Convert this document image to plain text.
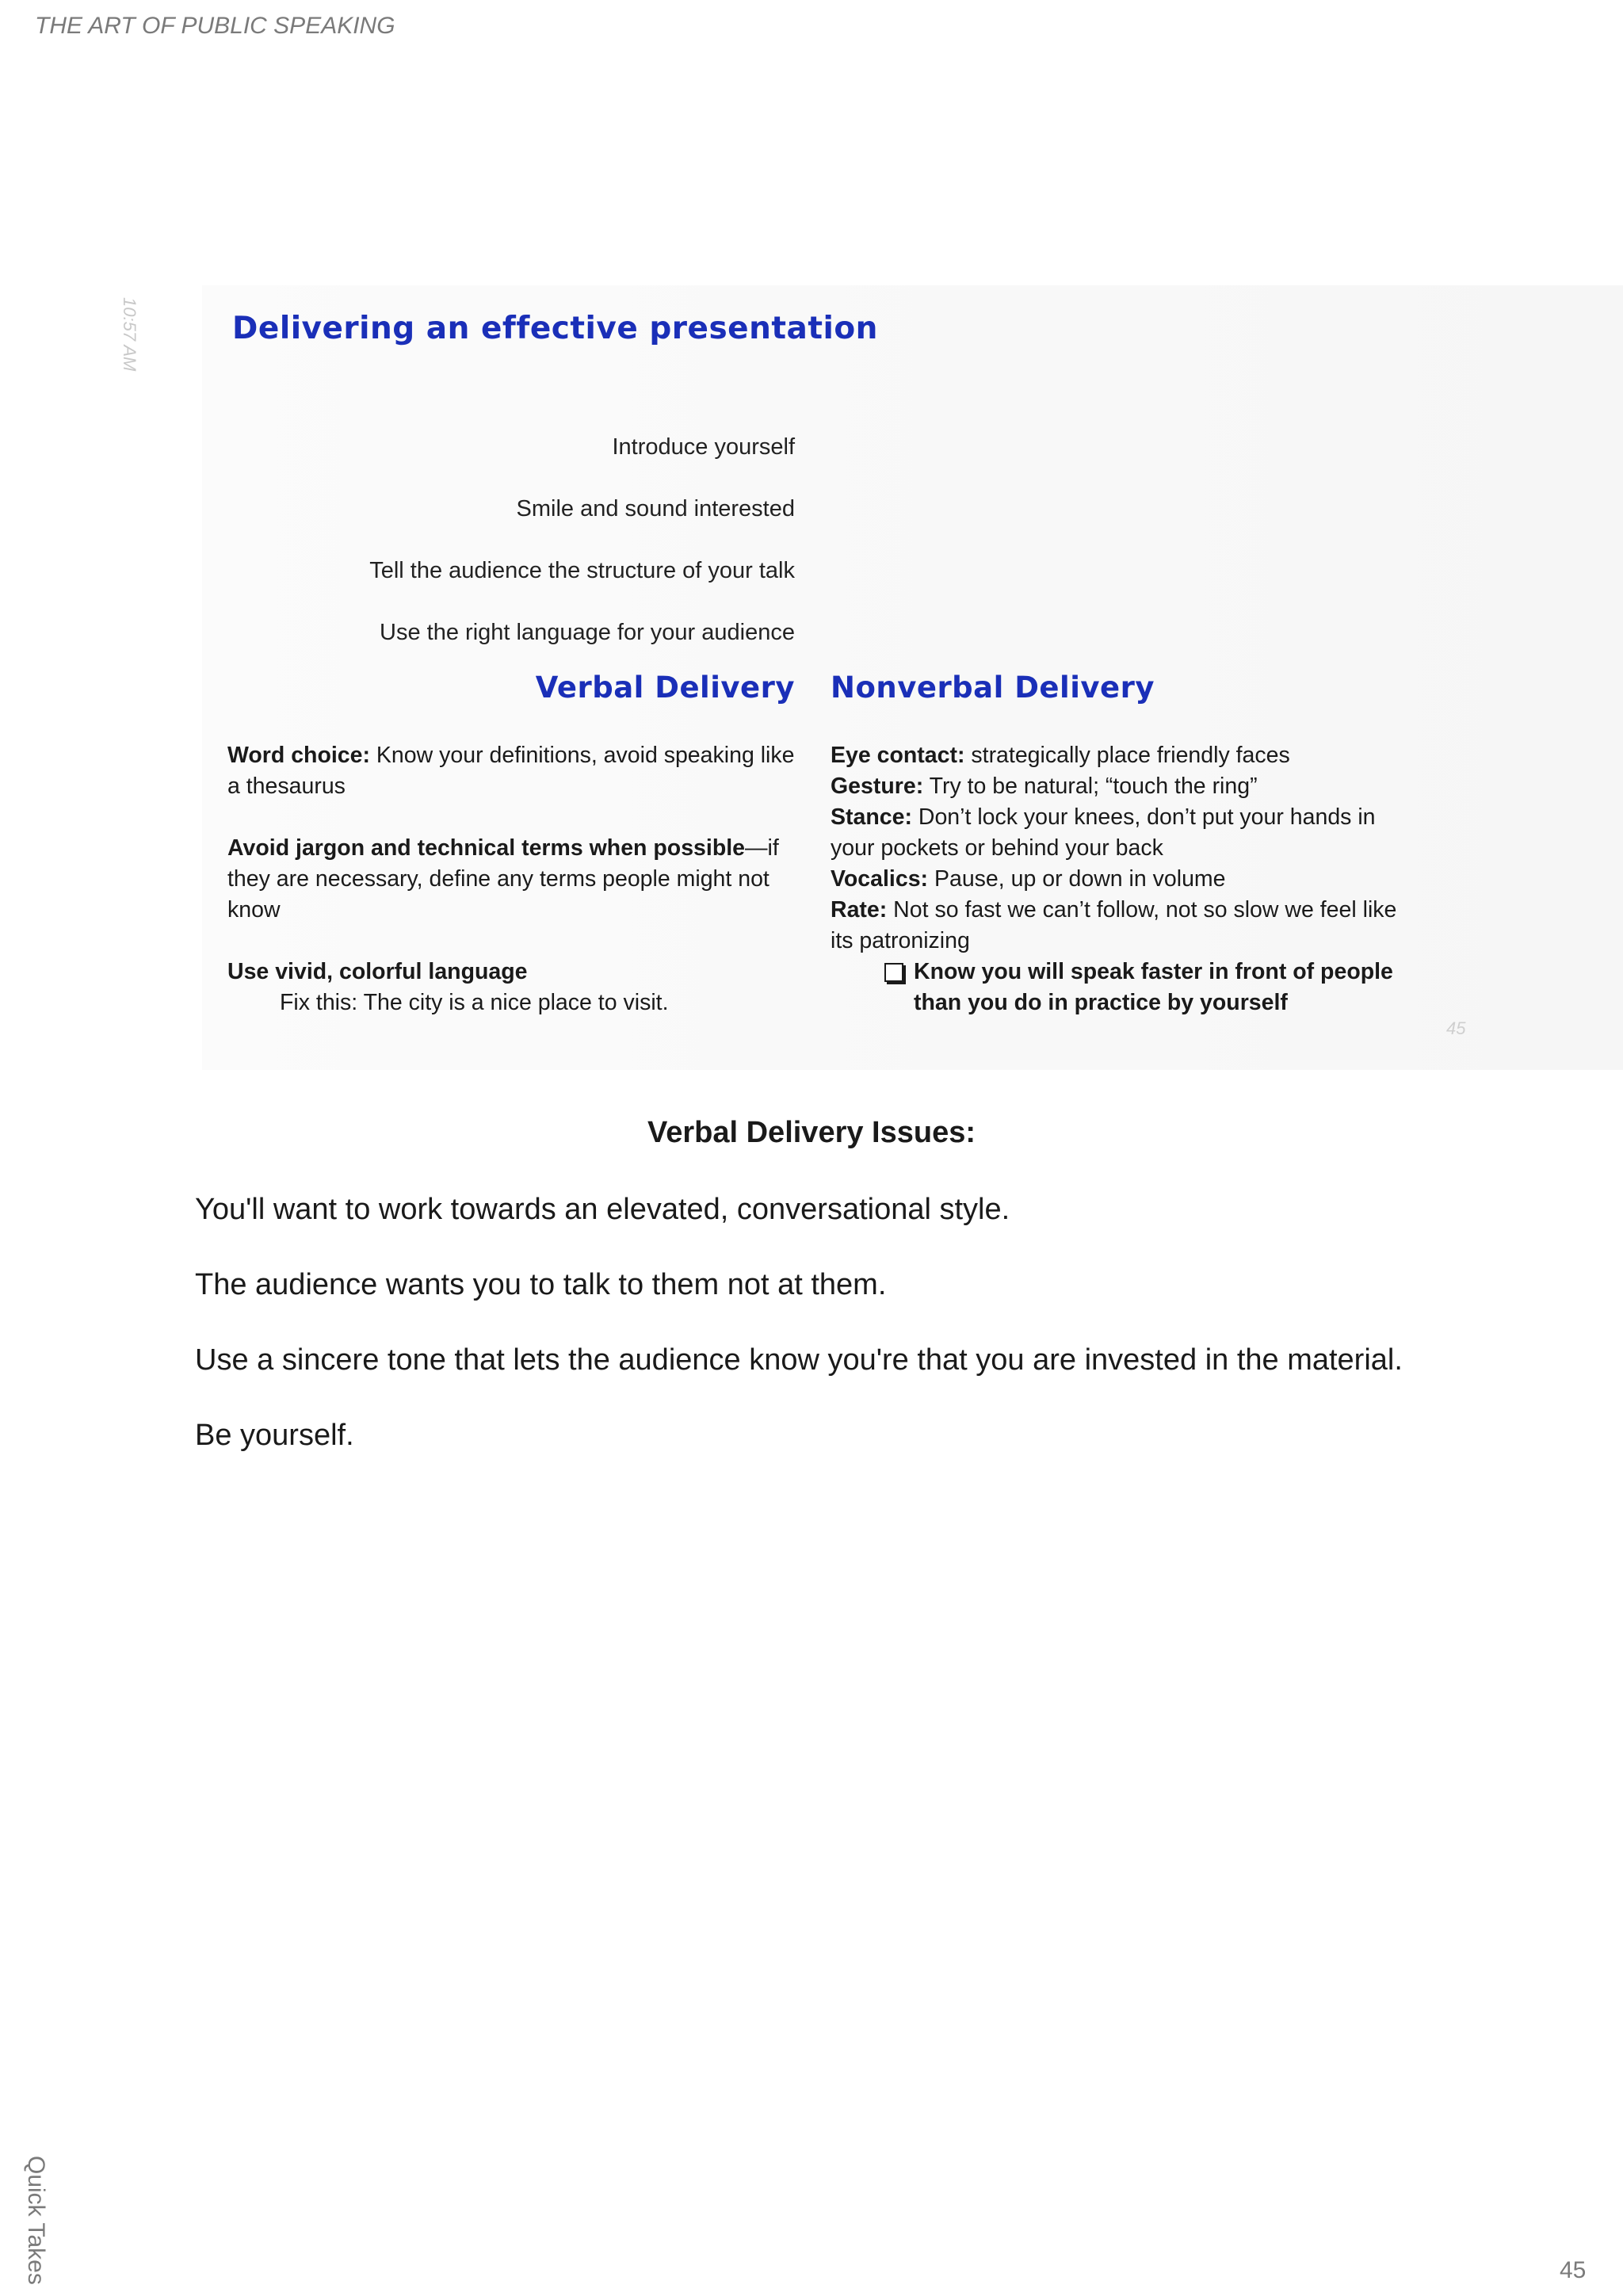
THE ART OF PUBLIC SPEAKING
10:57 AM	Delivering an effective presentation
Introduce yourself
Smile and sound interested
Tell the audience the structure of your talk
Use the right language for your audience
Verbal Delivery Nonverbal Delivery
Word choice: Know your definitions, avoid speaking like a thesaurus
Avoid jargon and technical terms when possible—if they are necessary, define any terms people might not know
Use vivid, colorful language
Fix this: The city is a nice place to visit.
Eye contact: strategically place friendly faces
Gesture: Try to be natural; “touch the ring”
Stance: Don’t lock your knees, don’t put your hands in your pockets or behind your back
Vocalics: Pause, up or down in volume
Rate: Not so fast we can’t follow, not so slow we feel like its patronizing
Know you will speak faster in front of people than you do in practice by yourself
45
Verbal Delivery Issues:
You'll want to work towards an elevated, conversational style.
The audience wants you to talk to them not at them.
Use a sincere tone that lets the audience know you're that you are invested in the material.
Be yourself.
Quick Takes	45
